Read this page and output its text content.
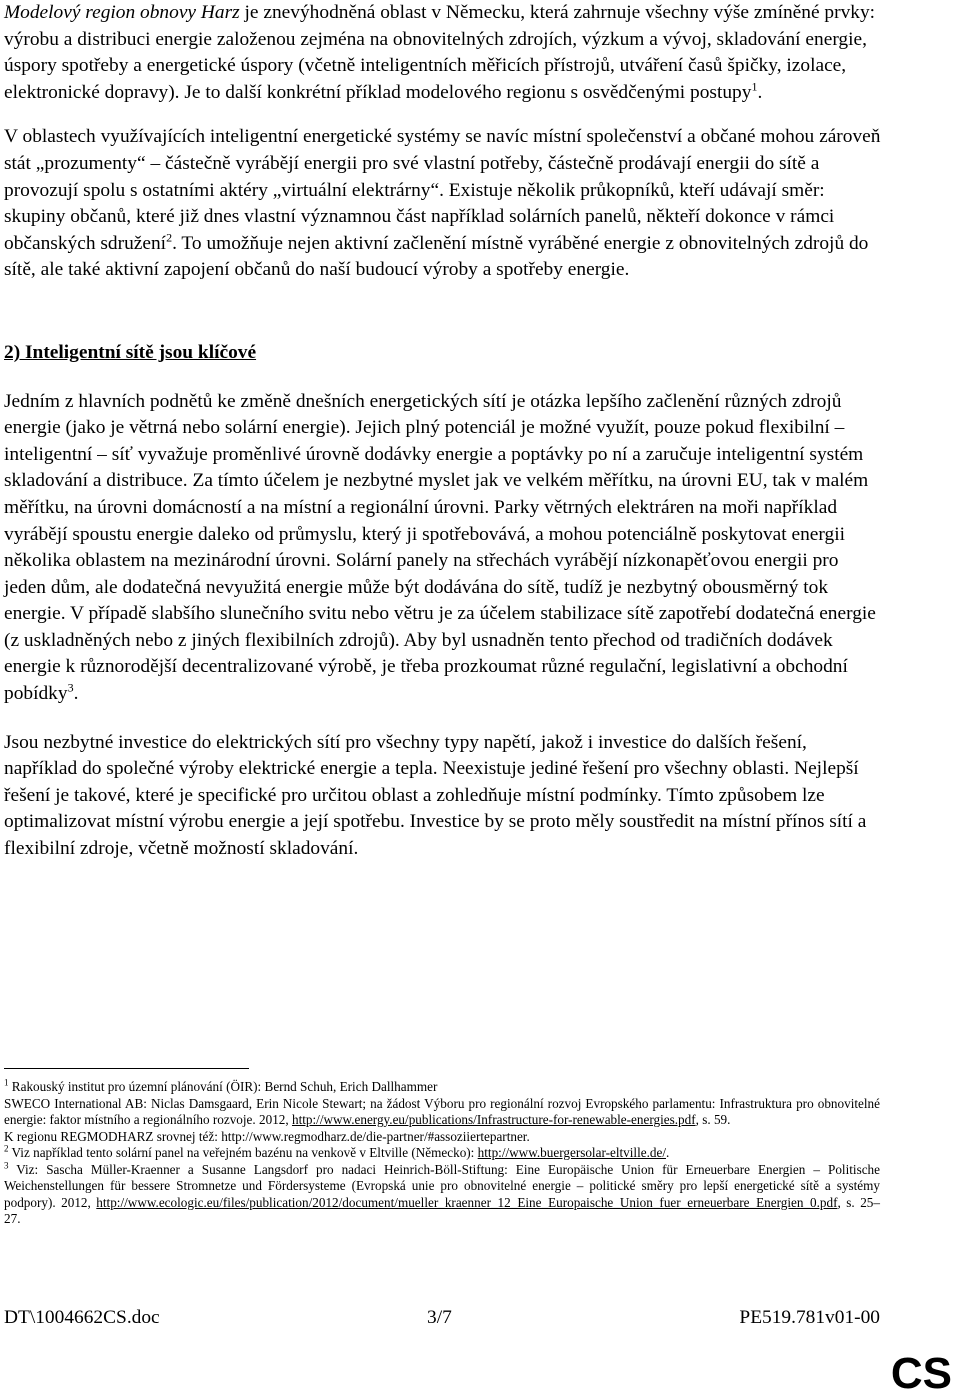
Modelový region obnovy Harz je znevýhodněná oblast v Německu, která zahrnuje všechny výše zmíněné prvky: výrobu a distribuci energie založenou zejména na obnovitelných zdrojích, výzkum a vývoj, skladování energie, úspory spotřeby a energetické úspory (včetně inteligentních měřicích přístrojů, utváření časů špičky, izolace, elektronické dopravy). Je to další konkrétní příklad modelového regionu s osvědčenými postupy$^1$.

V oblastech využívajících inteligentní energetické systémy se navíc místní společenství a občané mohou zároveň stát „prozumenty“ – částečně vyrábějí energii pro své vlastní potřeby, částečně prodávají energii do sítě a provozují spolu s ostatními aktéry „virtuální elektrárny“. Existuje několik průkopníků, kteří udávají směr: skupiny občanů, které již dnes vlastní významnou část například solárních panelů, někteří dokonce v rámci občanských sdružení$^2$. To umožňuje nejen aktivní začlenění místně vyráběné energie z obnovitelných zdrojů do sítě, ale také aktivní zapojení občanů do naší budoucí výroby a spotřeby energie.

2) Inteligentní sítě jsou klíčové

Jedním z hlavních podnětů ke změně dnešních energetických sítí je otázka lepšího začlenění různých zdrojů energie (jako je větrná nebo solární energie). Jejich plný potenciál je možné využít, pouze pokud flexibilní – inteligentní – síť vyvažuje proměnlivé úrovně dodávky energie a poptávky po ní a zaručuje inteligentní systém skladování a distribuce. Za tímto účelem je nezbytné myslet jak ve velkém měřítku, na úrovni EU, tak v malém měřítku, na úrovni domácností a na místní a regionální úrovni. Parky větrných elektráren na moři například vyrábějí spoustu energie daleko od průmyslu, který ji spotřebovává, a mohou potenciálně poskytovat energii několika oblastem na mezinárodní úrovni. Solární panely na střechách vyrábějí nízkonapěťovou energii pro jeden dům, ale dodatečná nevyužitá energie může být dodávána do sítě, tudíž je nezbytný obousměrný tok energie. V případě slabšího slunečního svitu nebo větru je za účelem stabilizace sítě zapotřebí dodatečná energie (z uskladněných nebo z jiných flexibilních zdrojů). Aby byl usnadněn tento přechod od tradičních dodávek energie k různorodější decentralizované výrobě, je třeba prozkoumat různé regulační, legislativní a obchodní pobídky$^3$.

Jsou nezbytné investice do elektrických sítí pro všechny typy napětí, jakož i investice do dalších řešení, například do společné výroby elektrické energie a tepla. Neexistuje jediné řešení pro všechny oblasti. Nejlepší řešení je takové, které je specifické pro určitou oblast a zohledňuje místní podmínky. Tímto způsobem lze optimalizovat místní výrobu energie a její spotřebu. Investice by se proto měly soustředit na místní přínos sítí a flexibilní zdroje, včetně možností skladování.

$^1$ Rakouský institut pro územní plánování (ÖIR): Bernd Schuh, Erich Dallhammer

SWECO International AB: Niclas Damsgaard, Erin Nicole Stewart; na žádost Výboru pro regionální rozvoj Evropského parlamentu: Infrastruktura pro obnovitelné energie: faktor místního a regionálního rozvoje. 2012, http://www.energy.eu/publications/Infrastructure-for-renewable-energies.pdf, s. 59.

K regionu REGMODHARZ srovnej též: http://www.regmodharz.de/die-partner/#assoziiertepartner.

$^2$ Viz například tento solární panel na veřejném bazénu na venkově v Eltville (Německo): http://www.buergersolar-eltville.de/.

$^3$ Viz: Sascha Müller-Kraenner a Susanne Langsdorf pro nadaci Heinrich-Böll-Stiftung: Eine Europäische Union für Erneuerbare Energien – Politische Weichenstellungen für bessere Stromnetze und Fördersysteme (Evropská unie pro obnovitelné energie – politické směry pro lepší energetické sítě a systémy podpory). 2012, http://www.ecologic.eu/files/publication/2012/document/mueller_kraenner_12_Eine_Europaische_Union_fuer_erneuerbare_Energien_0.pdf, s. 25–27.

DT\1004662CS.doc	3/7	PE519.781v01-00
CS
